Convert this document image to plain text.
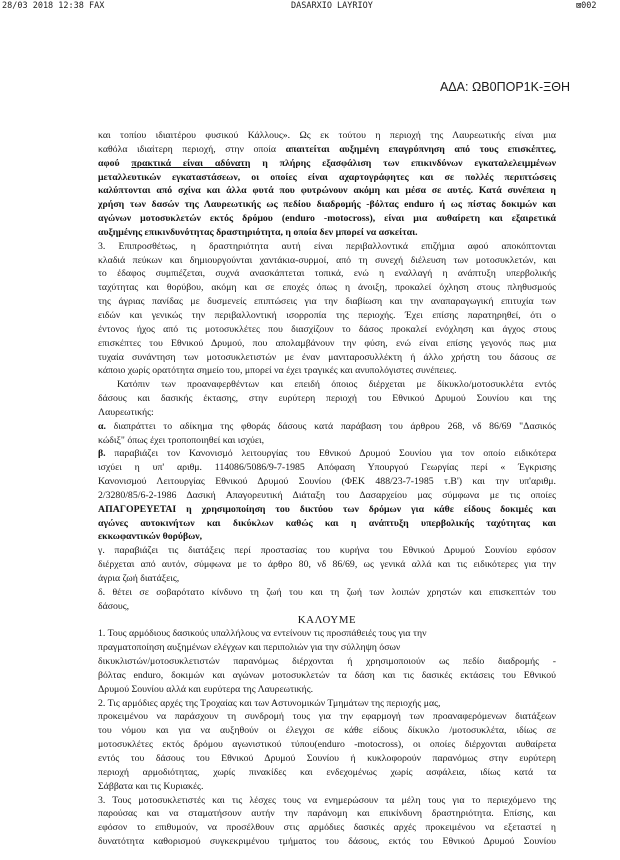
28/03 2018 12:38 FAX	DASARXIO LAYRIOY	⊠002
ΑΔΑ: ΩΒ0ΠΟΡ1Κ-ΞΘΗ
και τοπίου ιδιαιτέρου φυσικού Κάλλους». Ως εκ τούτου η περιοχή της Λαυρεωτικής είναι μια
καθόλα ιδιαίτερη περιοχή, στην οποία απαιτείται αυξημένη επαγρύπνηση από τους επισκέπτες,
αφού πρακτικά είναι αδύνατη η πλήρης εξασφάλιση των επικινδύνων εγκαταλελειμμένων
μεταλλευτικών εγκαταστάσεων, οι οποίες είναι αχαρτογράφητες και σε πολλές περιπτώσεις
καλύπτονται από σχίνα και άλλα φυτά που φυτρώνουν ακόμη και μέσα σε αυτές. Κατά συνέπεια η
χρήση των δασών της Λαυρεωτικής ως πεδίου διαδρομής -βόλτας enduro ή ως πίστας δοκιμών και
αγώνων μοτοσυκλετών εκτός δρόμου (enduro -motocross), είναι μια αυθαίρετη και εξαιρετικά
αυξημένης επικινδυνότητας δραστηριότητα, η οποία δεν μπορεί να ασκείται.
3. Επιπροσθέτως, η δραστηριότητα αυτή είναι περιβαλλοντικά επιζήμια αφού αποκόπτονται
κλαδιά πεύκων και δημιουργούνται χαντάκια-συρμοί, από τη συνεχή διέλευση των μοτοσυκλετών, και
το έδαφος συμπιέζεται, συχνά ανασκάπτεται τοπικά, ενώ η εναλλαγή η ανάπτυξη υπερβολικής
ταχύτητας και θορύβου, ακόμη και σε εποχές όπως η άνοιξη, προκαλεί όχληση στους πληθυσμούς
της άγριας πανίδας με δυσμενείς επιπτώσεις για την διαβίωση και την αναπαραγωγική επιτυχία των
ειδών και γενικώς την περιβαλλοντική ισορροπία της περιοχής. Έχει επίσης παρατηρηθεί, ότι ο
έντονος ήχος από τις μοτοσυκλέτες που διασχίζουν το δάσος προκαλεί ενόχληση και άγχος στους
επισκέπτες του Εθνικού Δρυμού, που απολαμβάνουν την φύση, ενώ είναι επίσης γεγονός πως μια
τυχαία συνάντηση των μοτοσυκλετιστών με έναν μανιταροσυλλέκτη ή άλλο χρήστη του δάσους σε
κάποιο χωρίς ορατότητα σημείο του, μπορεί να έχει τραγικές και ανυπολόγιστες συνέπειες.
Κατόπιν των προαναφερθέντων και επειδή όποιος διέρχεται με δίκυκλο/μοτοσυκλέτα εντός
δάσους και δασικής έκτασης, στην ευρύτερη περιοχή του Εθνικού Δρυμού Σουνίου και της
Λαυρεωτικής:
α. διαπράττει το αδίκημα της φθοράς δάσους κατά παράβαση του άρθρου 268, νδ 86/69 "Δασικός
κώδιξ" όπως έχει τροποποιηθεί και ισχύει,
β. παραβιάζει τον Κανονισμό λειτουργίας του Εθνικού Δρυμού Σουνίου για τον οποίο ειδικότερα
ισχύει η υπ' αριθμ. 114086/5086/9-7-1985 Απόφαση Υπουργού Γεωργίας περί « Έγκρισης
Κανονισμού Λειτουργίας Εθνικού Δρυμού Σουνίου (ΦΕΚ 488/23-7-1985 τ.Β') και την υπ'αριθμ.
2/3280/85/6-2-1986 Δασική Απαγορευτική Διάταξη του Δασαρχείου μας σύμφωνα με τις οποίες
ΑΠΑΓΟΡΕΥΕΤΑΙ η χρησιμοποίηση του δικτύου των δρόμων για κάθε είδους δοκιμές και
αγώνες αυτοκινήτων και δικύκλων καθώς και η ανάπτυξη υπερβολικής ταχύτητας και
εκκωφαντικών θορύβων,
γ. παραβιάζει τις διατάξεις περί προστασίας του κυρήνα του Εθνικού Δρυμού Σουνίου εφόσον
διέρχεται από αυτόν, σύμφωνα με το άρθρο 80, νδ 86/69, ως γενικά αλλά και τις ειδικότερες για την
άγρια ζωή διατάξεις,
δ. θέτει σε σοβαρότατο κίνδυνο τη ζωή του και τη ζωή των λοιπών χρηστών και επισκεπτών του
δάσους,
ΚΑΛΟΥΜΕ
1. Τους αρμόδιους δασικούς υπαλλήλους να εντείνουν τις προσπάθειές τους για την
πραγματοποίηση αυξημένων ελέγχων και περιπολιών για την σύλληψη όσων
δικυκλιστών/μοτοσυκλετιστών παρανόμως διέρχονται ή χρησιμοποιούν ως πεδίο διαδρομής -
βόλτας enduro, δοκιμών και αγώνων μοτοσυκλετών τα δάση και τις δασικές εκτάσεις του Εθνικού
Δρυμού Σουνίου αλλά και ευρύτερα της Λαυρεωτικής.
2. Τις αρμόδιες αρχές της Τροχαίας και των Αστυνομικών Τμημάτων της περιοχής μας,
προκειμένου να παράσχουν τη συνδρομή τους για την εφαρμογή των προαναφερόμενων διατάξεων
του νόμου και για να αυξηθούν οι έλεγχοι σε κάθε είδους δίκυκλο /μοτοσυκλέτα, ιδίως σε
μοτοσυκλέτες εκτός δρόμου αγωνιστικού τύπου(enduro -motocross), οι οποίες διέρχονται αυθαίρετα
εντός του δάσους του Εθνικού Δρυμού Σουνίου ή κυκλοφορούν παρανόμως στην ευρύτερη
περιοχή αρμοδιότητας, χωρίς πινακίδες και ενδεχομένως χωρίς ασφάλεια, ιδίως κατά τα
Σάββατα και τις Κυριακές.
3. Τους μοτοσυκλετιστές και τις λέσχες τους να ενημερώσουν τα μέλη τους για το περιεχόμενο της
παρούσας και να σταματήσουν αυτήν την παράνομη και επικίνδυνη δραστηριότητα. Επίσης, και
εφόσον το επιθυμούν, να προσέλθουν στις αρμόδιες δασικές αρχές προκειμένου να εξεταστεί η
δυνατότητα καθορισμού συγκεκριμένου τμήματος του δάσους, εκτός του Εθνικού Δρυμού Σουνίου
